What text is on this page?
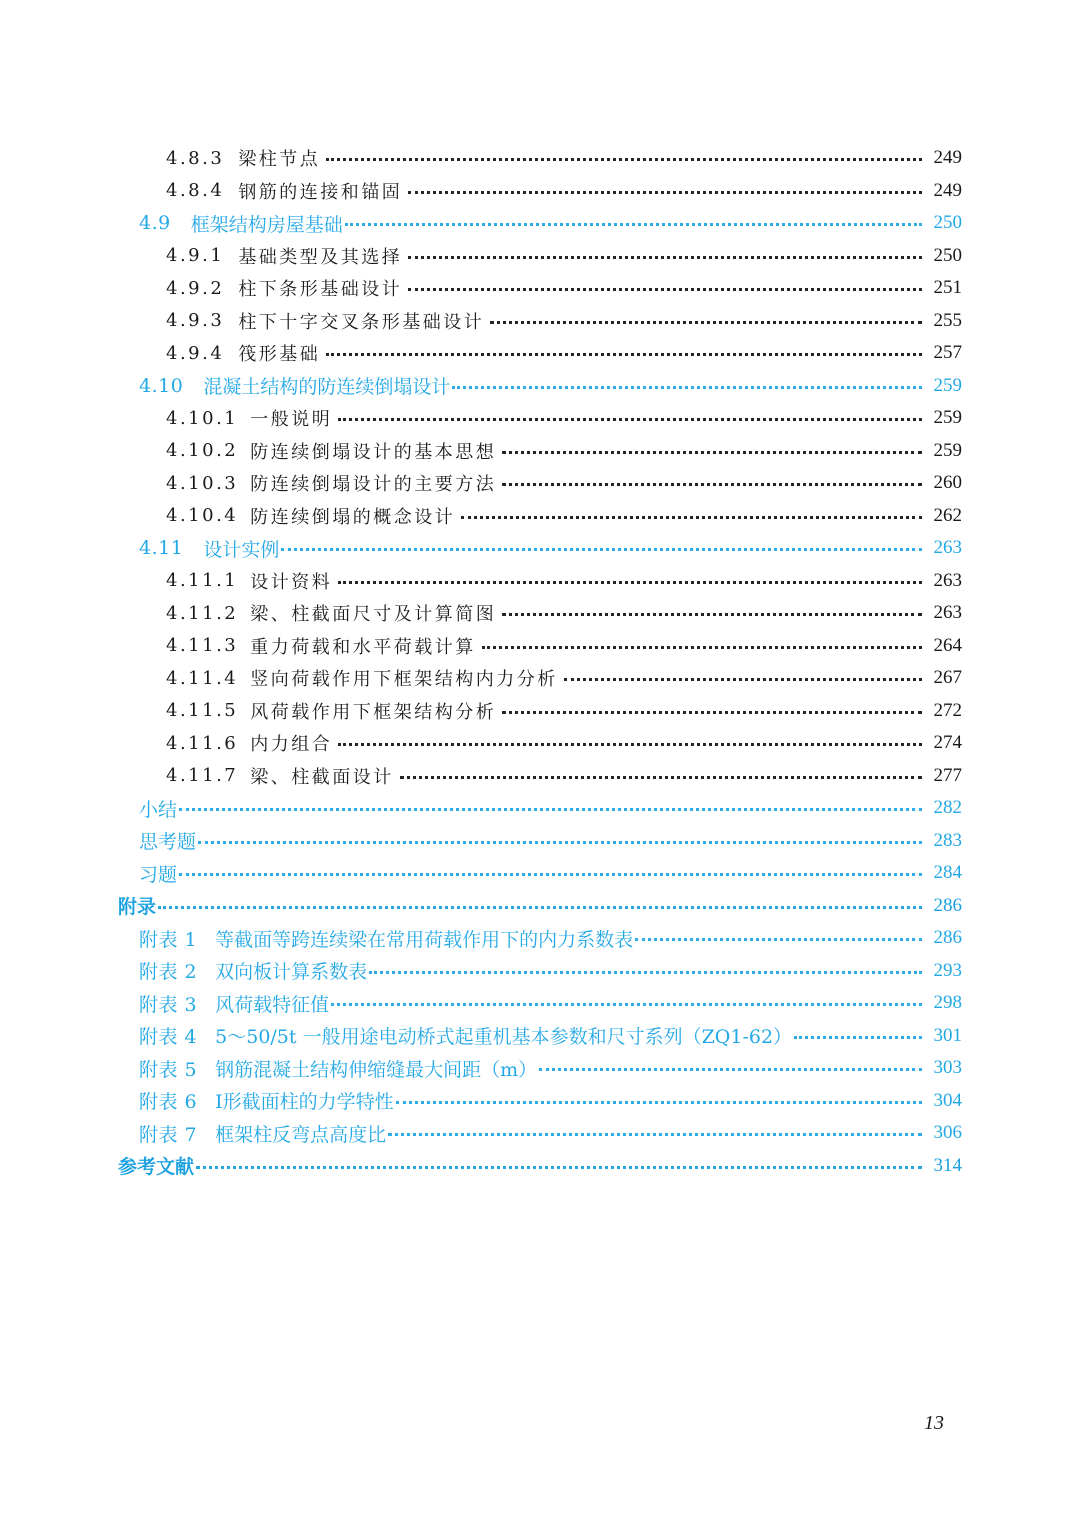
4.8.3 梁柱节点	249
4.8.4 钢筋的连接和锚固	249
4.9 框架结构房屋基础	250
4.9.1 基础类型及其选择	250
4.9.2 柱下条形基础设计	251
4.9.3 柱下十字交叉条形基础设计	255
4.9.4 筏形基础	257
4.10 混凝土结构的防连续倒塌设计	259
4.10.1 一般说明	259
4.10.2 防连续倒塌设计的基本思想	259
4.10.3 防连续倒塌设计的主要方法	260
4.10.4 防连续倒塌的概念设计	262
4.11 设计实例	263
4.11.1 设计资料	263
4.11.2 梁、柱截面尺寸及计算简图	263
4.11.3 重力荷载和水平荷载计算	264
4.11.4 竖向荷载作用下框架结构内力分析	267
4.11.5 风荷载作用下框架结构分析	272
4.11.6 内力组合	274
4.11.7 梁、柱截面设计	277
小结	282
思考题	283
习题	284
附录	286
附表 1 等截面等跨连续梁在常用荷载作用下的内力系数表	286
附表 2 双向板计算系数表	293
附表 3 风荷载特征值	298
附表 4 5～50/5t 一般用途电动桥式起重机基本参数和尺寸系列（ZQ1-62）	301
附表 5 钢筋混凝土结构伸缩缝最大间距（m）	303
附表 6 Ⅰ形截面柱的力学特性	304
附表 7 框架柱反弯点高度比	306
参考文献	314
13
